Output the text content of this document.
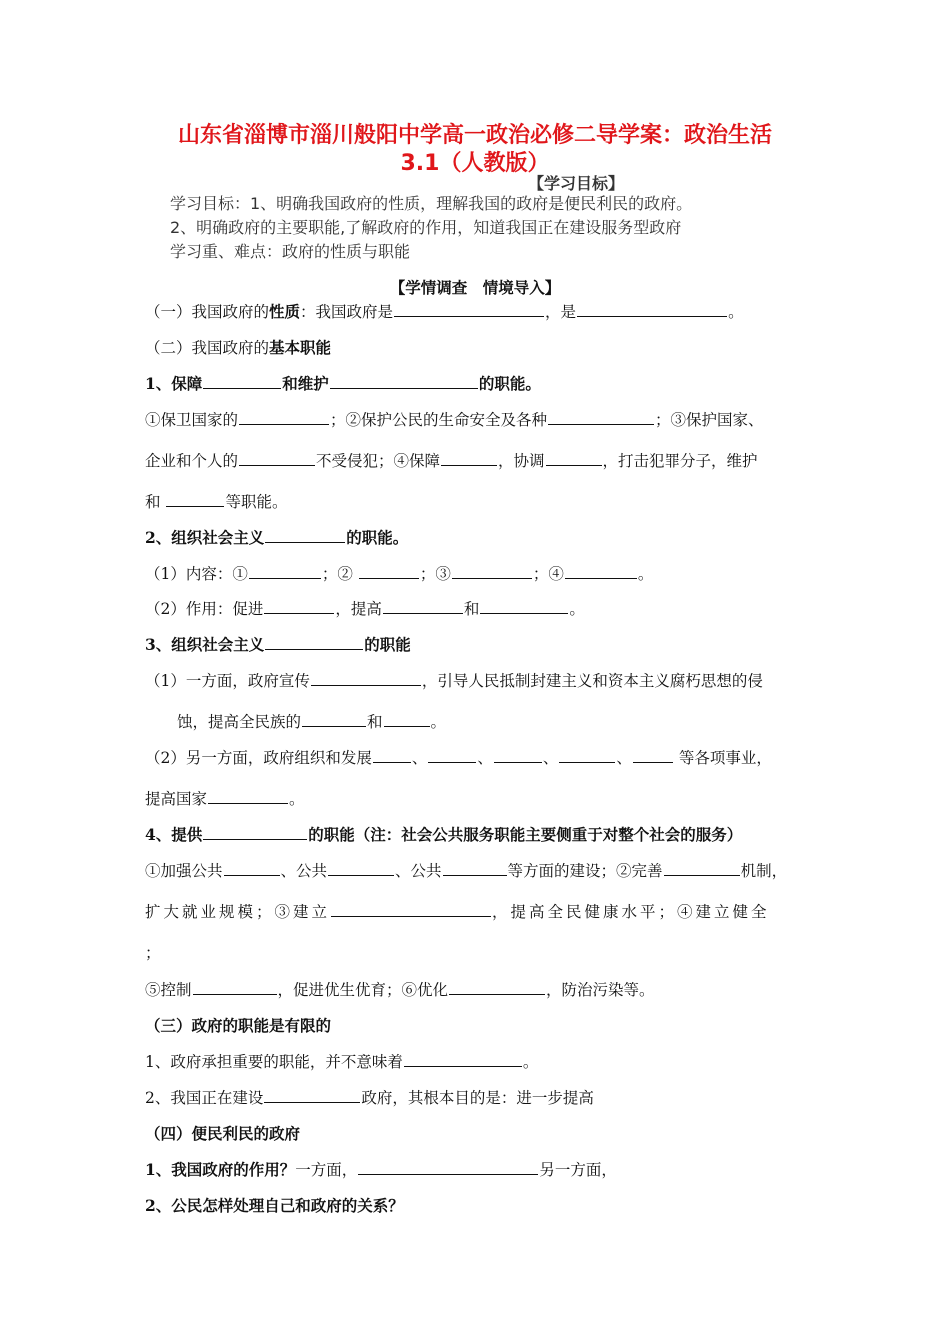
山东省淄博市淄川般阳中学高一政治必修二导学案：政治生活
3.1（人教版）
【学习目标】
学习目标：1、明确我国政府的性质，理解我国的政府是便民利民的政府。
2、明确政府的主要职能,了解政府的作用，知道我国正在建设服务型政府
学习重、难点：政府的性质与职能
【学情调查　情境导入】
（一）我国政府的性质：我国政府是	，是	。
（二）我国政府的基本职能
1、保障	和维护	的职能。
①保卫国家的	；②保护公民的生命安全及各种	；③保护国家、
企业和个人的	不受侵犯；④保障	，协调	，打击犯罪分子，维护
和	等职能。
2、组织社会主义	的职能。
（1）内容：①	；②	；③	；④	。
（2）作用：促进	，提高	和	。
3、组织社会主义	的职能
（1）一方面，政府宣传	，引导人民抵制封建主义和资本主义腐朽思想的侵
蚀，提高全民族的	和	。
（2）另一方面，政府组织和发展	、	、	、	、	等各项事业，
提高国家	。
4、提供	的职能（注：社会公共服务职能主要侧重于对整个社会的服务）
①加强公共	、公共	、公共	等方面的建设；②完善	机制，
扩大就业规模；③建立	，提高全民健康水平；④建立健全
；
⑤控制	，促进优生优育；⑥优化	，防治污染等。
（三）政府的职能是有限的
1、政府承担重要的职能，并不意味着	。
2、我国正在建设	政府，其根本目的是：进一步提高
（四）便民利民的政府
1、我国政府的作用？一方面，	另一方面，
2、公民怎样处理自己和政府的关系？
